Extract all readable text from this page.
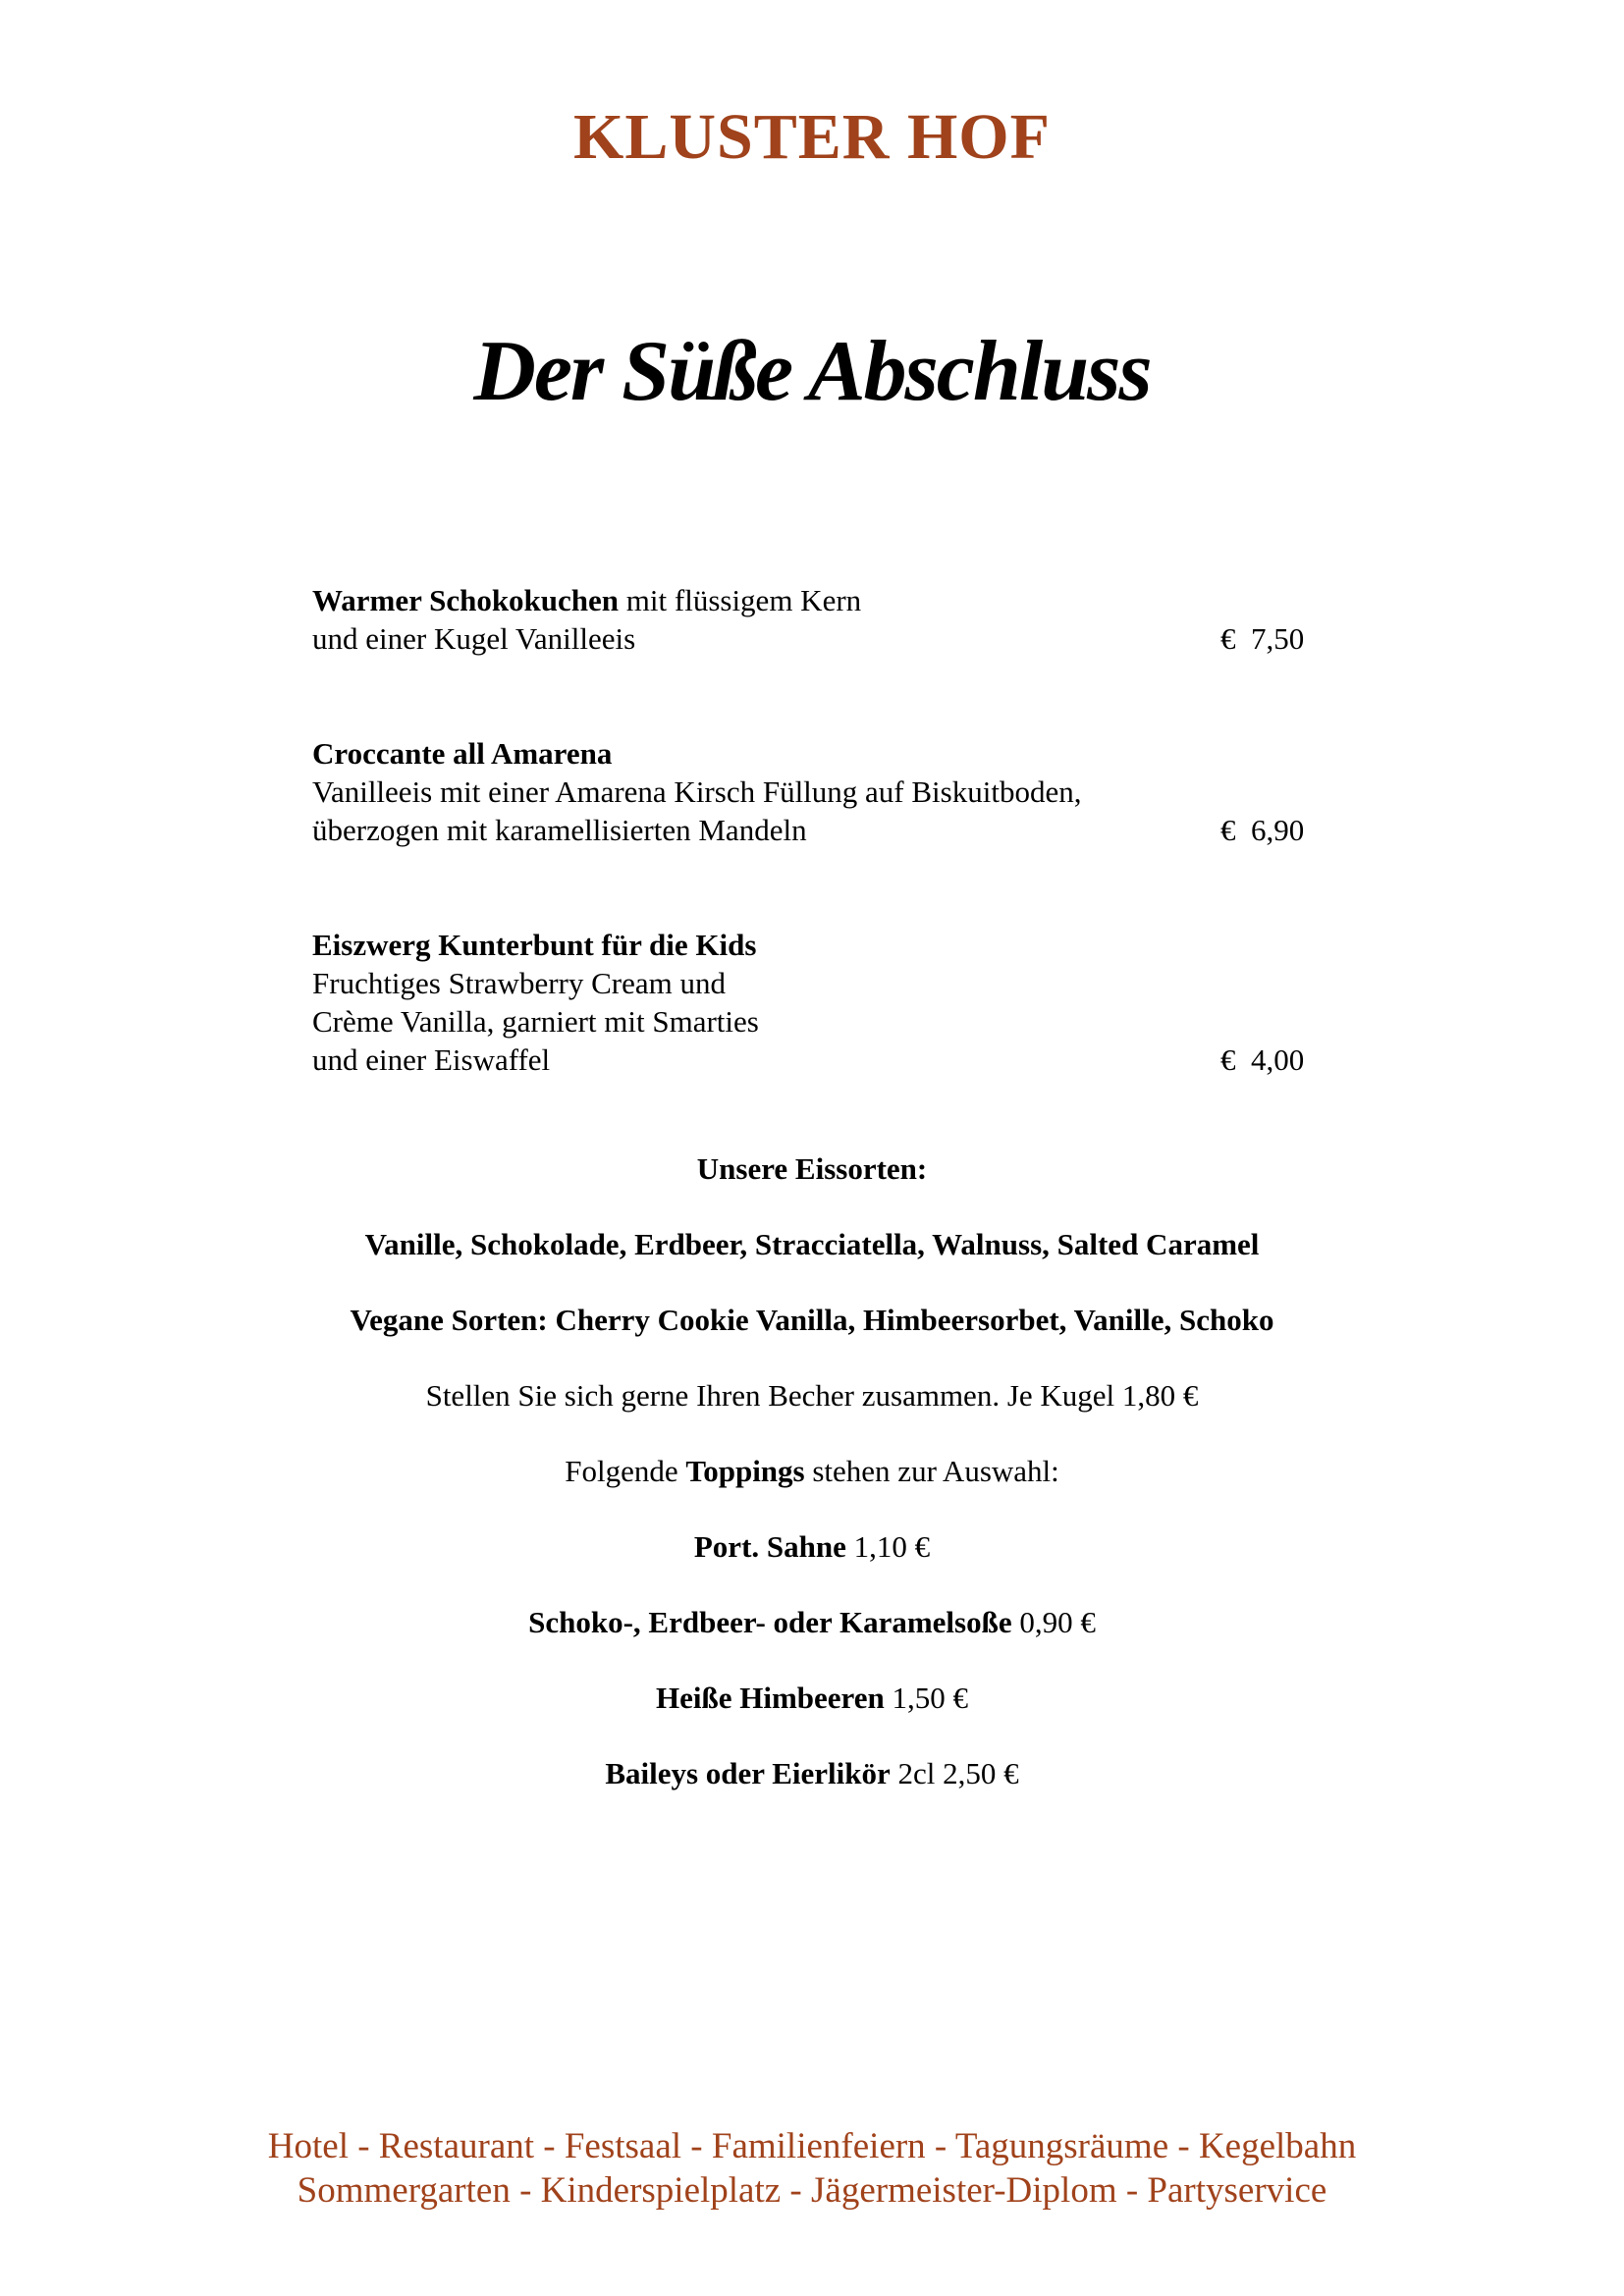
KLUSTER HOF
Der Süße Abschluss
Warmer Schokokuchen mit flüssigem Kern
und einer Kugel Vanilleeis	€  7,50
Croccante all Amarena
Vanilleeis mit einer Amarena Kirsch Füllung auf Biskuitboden,
überzogen mit karamellisierten Mandeln	€  6,90
Eiszwerg Kunterbunt für die Kids
Fruchtiges Strawberry Cream und
Crème Vanilla, garniert mit Smarties
und einer Eiswaffel	€  4,00
Unsere Eissorten:
Vanille, Schokolade, Erdbeer, Stracciatella, Walnuss, Salted Caramel
Vegane Sorten: Cherry Cookie Vanilla, Himbeersorbet, Vanille, Schoko
Stellen Sie sich gerne Ihren Becher zusammen. Je Kugel 1,80 €
Folgende Toppings stehen zur Auswahl:
Port. Sahne 1,10 €
Schoko-, Erdbeer- oder Karamelsoße 0,90 €
Heiße Himbeeren 1,50 €
Baileys oder Eierlikör 2cl 2,50 €
Hotel - Restaurant - Festsaal - Familienfeiern - Tagungsräume - Kegelbahn
Sommergarten - Kinderspielplatz - Jägermeister-Diplom - Partyservice
